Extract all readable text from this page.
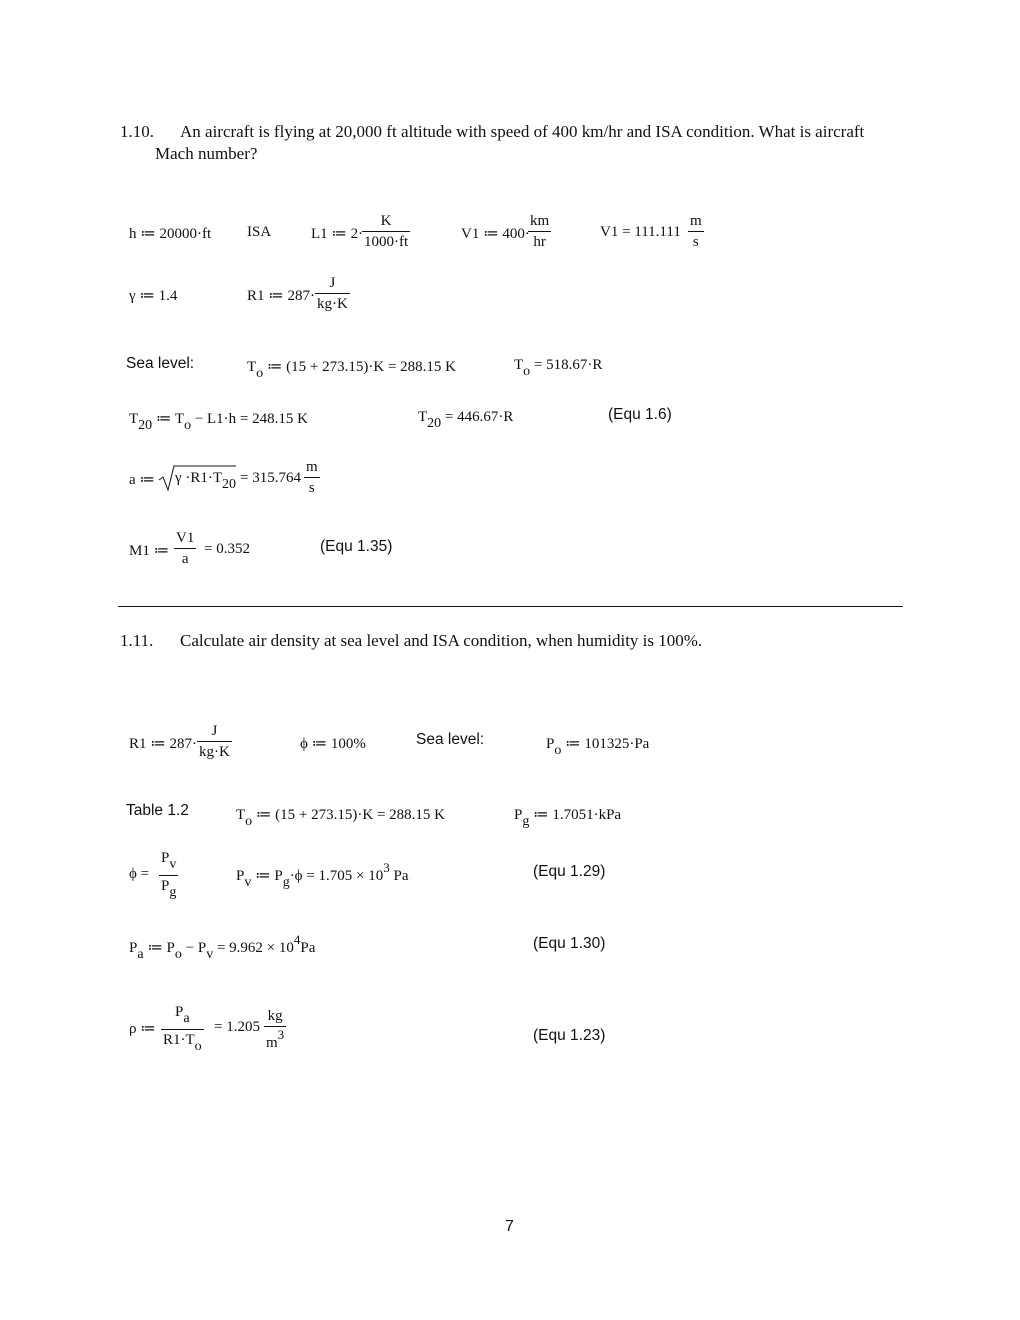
1.10. An aircraft is flying at 20,000 ft altitude with speed of 400 km/hr and ISA condition. What is aircraft
Mach number?
h ≔ 20000·ft ISA	L1 ≔ 2·
K
1000·ft	V1 ≔ 400·
km
hr
V1 = 111.111
m
s
γ ≔ 1.4	R1 ≔ 287·
J
kg·K
Sea level:	To ≔ (15 + 273.15)·K = 288.15 K	To = 518.67·R
T20 ≔ To − L1·h = 248.15 K	T20 = 446.67·R	(Equ 1.6)
a ≔ γ ·R1·T20 = 315.764
m
s
M1 ≔
V1
a
= 0.352	(Equ 1.35)
1.11. Calculate air density at sea level and ISA condition, when humidity is 100%.
R1 ≔ 287·
J
kg·K	ϕ ≔ 100%	Sea level:	Po ≔ 101325·Pa
Table 1.2	To ≔ (15 + 273.15)·K = 288.15 K	Pg ≔ 1.7051·kPa
ϕ =
Pv
Pg
Pv ≔ Pg·ϕ = 1.705 × 103 Pa	(Equ 1.29)
Pa ≔ Po − Pv = 9.962 × 104Pa	(Equ 1.30)
ρ ≔
Pa
R1·To
= 1.205
kg
m3	(Equ 1.23)
7
